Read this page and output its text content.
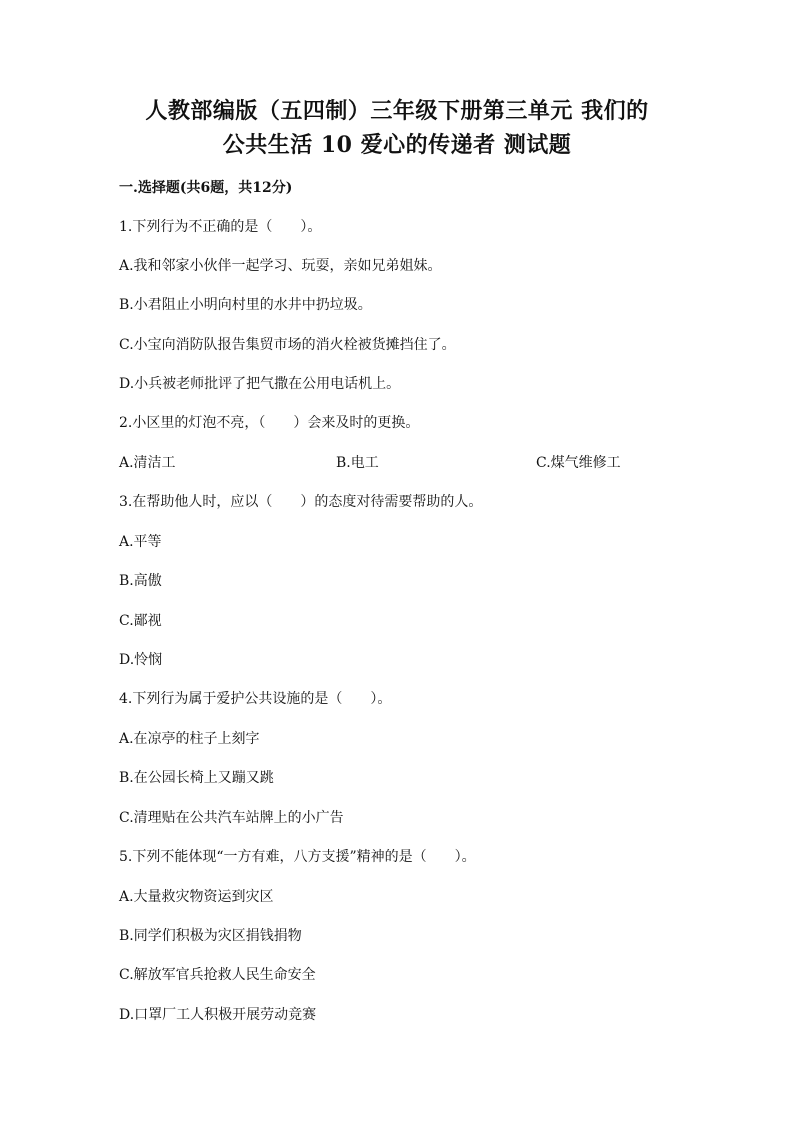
人教部编版（五四制）三年级下册第三单元 我们的
公共生活 10 爱心的传递者 测试题
一.选择题(共6题，共12分)
1.下列行为不正确的是（　　）。
A.我和邻家小伙伴一起学习、玩耍，亲如兄弟姐妹。
B.小君阻止小明向村里的水井中扔垃圾。
C.小宝向消防队报告集贸市场的消火栓被货摊挡住了。
D.小兵被老师批评了把气撒在公用电话机上。
2.小区里的灯泡不亮，（　　）会来及时的更换。
A.清洁工	B.电工	C.煤气维修工
3.在帮助他人时，应以（　　）的态度对待需要帮助的人。
A.平等
B.高傲
C.鄙视
D.怜悯
4.下列行为属于爱护公共设施的是（　　）。
A.在凉亭的柱子上刻字
B.在公园长椅上又蹦又跳
C.清理贴在公共汽车站牌上的小广告
5.下列不能体现“一方有难，八方支援”精神的是（　　）。
A.大量救灾物资运到灾区
B.同学们积极为灾区捐钱捐物
C.解放军官兵抢救人民生命安全
D.口罩厂工人积极开展劳动竞赛
